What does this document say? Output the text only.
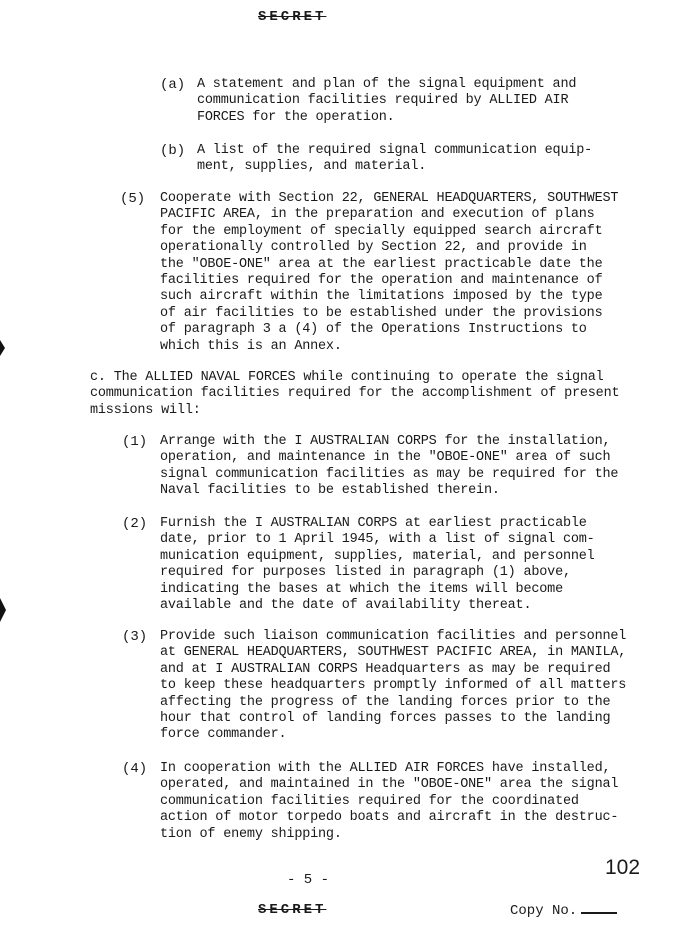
SECRET
(a) A statement and plan of the signal equipment and
communication facilities required by ALLIED AIR
FORCES for the operation.
(b) A list of the required signal communication equip-
ment, supplies, and material.
(5) Cooperate with Section 22, GENERAL HEADQUARTERS, SOUTHWEST
PACIFIC AREA, in the preparation and execution of plans
for the employment of specially equipped search aircraft
operationally controlled by Section 22, and provide in
the "OBOE-ONE" area at the earliest practicable date the
facilities required for the operation and maintenance of
such aircraft within the limitations imposed by the type
of air facilities to be established under the provisions
of paragraph 3 a (4) of the Operations Instructions to
which this is an Annex.
c. The ALLIED NAVAL FORCES while continuing to operate the signal
communication facilities required for the accomplishment of present
missions will:
(1) Arrange with the I AUSTRALIAN CORPS for the installation,
operation, and maintenance in the "OBOE-ONE" area of such
signal communication facilities as may be required for the
Naval facilities to be established therein.
(2) Furnish the I AUSTRALIAN CORPS at earliest practicable
date, prior to 1 April 1945, with a list of signal com-
munication equipment, supplies, material, and personnel
required for purposes listed in paragraph (1) above,
indicating the bases at which the items will become
available and the date of availability thereat.
(3) Provide such liaison communication facilities and personnel
at GENERAL HEADQUARTERS, SOUTHWEST PACIFIC AREA, in MANILA,
and at I AUSTRALIAN CORPS Headquarters as may be required
to keep these headquarters promptly informed of all matters
affecting the progress of the landing forces prior to the
hour that control of landing forces passes to the landing
force commander.
(4) In cooperation with the ALLIED AIR FORCES have installed,
operated, and maintained in the "OBOE-ONE" area the signal
communication facilities required for the coordinated
action of motor torpedo boats and aircraft in the destruc-
tion of enemy shipping.
102
- 5 -
SECRET	Copy No.
